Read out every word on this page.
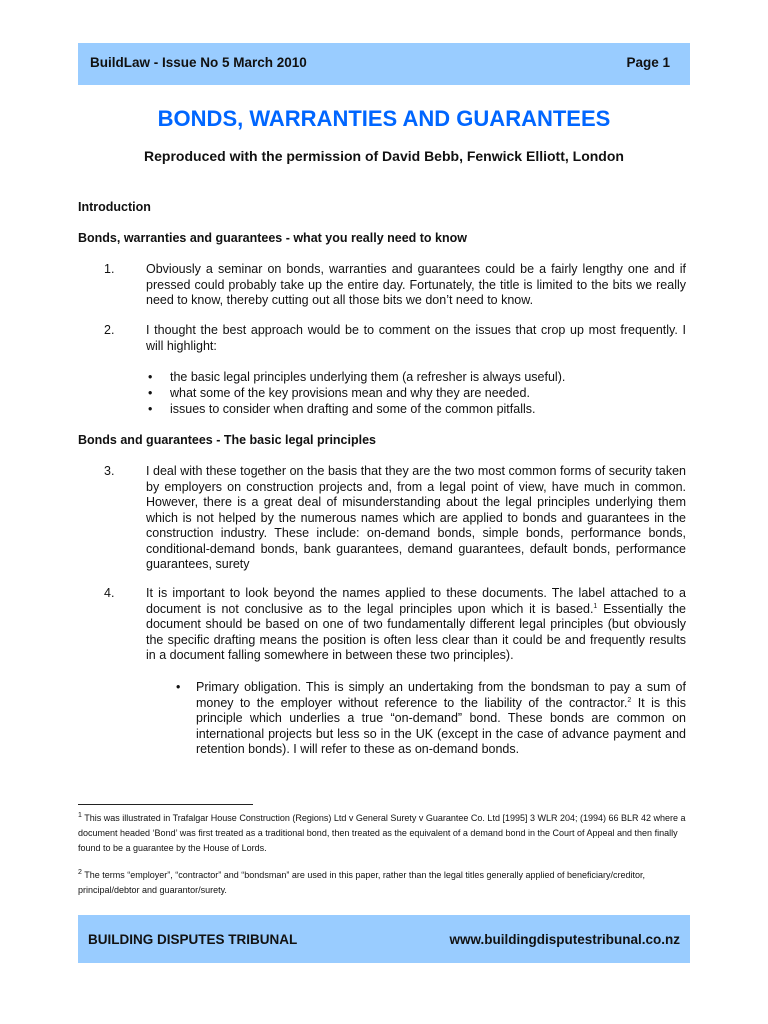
BuildLaw - Issue No 5 March 2010	Page 1
BONDS, WARRANTIES AND GUARANTEES
Reproduced with the permission of David Bebb, Fenwick Elliott, London
Introduction
Bonds, warranties and guarantees - what you really need to know
1.	Obviously a seminar on bonds, warranties and guarantees could be a fairly lengthy one and if pressed could probably take up the entire day. Fortunately, the title is limited to the bits we really need to know, thereby cutting out all those bits we don’t need to know.
2.	I thought the best approach would be to comment on the issues that crop up most frequently. I will highlight:
• the basic legal principles underlying them (a refresher is always useful).
• what some of the key provisions mean and why they are needed.
• issues to consider when drafting and some of the common pitfalls.
Bonds and guarantees - The basic legal principles
3.	I deal with these together on the basis that they are the two most common forms of security taken by employers on construction projects and, from a legal point of view, have much in common. However, there is a great deal of misunderstanding about the legal principles underlying them which is not helped by the numerous names which are applied to bonds and guarantees in the construction industry. These include: on-demand bonds, simple bonds, performance bonds, conditional-demand bonds, bank guarantees, demand guarantees, default bonds, performance guarantees, surety
4.	It is important to look beyond the names applied to these documents. The label attached to a document is not conclusive as to the legal principles upon which it is based.$^1$ Essentially the document should be based on one of two fundamentally different legal principles (but obviously the specific drafting means the position is often less clear than it could be and frequently results in a document falling somewhere in between these two principles).
• Primary obligation. This is simply an undertaking from the bondsman to pay a sum of money to the employer without reference to the liability of the contractor.$^2$ It is this principle which underlies a true “on-demand” bond. These bonds are common on international projects but less so in the UK (except in the case of advance payment and retention bonds). I will refer to these as on-demand bonds.
$^1$ This was illustrated in Trafalgar House Construction (Regions) Ltd v General Surety v Guarantee Co. Ltd [1995] 3 WLR 204; (1994) 66 BLR 42 where a document headed ‘Bond’ was first treated as a traditional bond, then treated as the equivalent of a demand bond in the Court of Appeal and then finally found to be a guarantee by the House of Lords.
$^2$ The terms “employer”, “contractor” and “bondsman” are used in this paper, rather than the legal titles generally applied of beneficiary/creditor, principal/debtor and guarantor/surety.
BUILDING DISPUTES TRIBUNAL	www.buildingdisputestribunal.co.nz
